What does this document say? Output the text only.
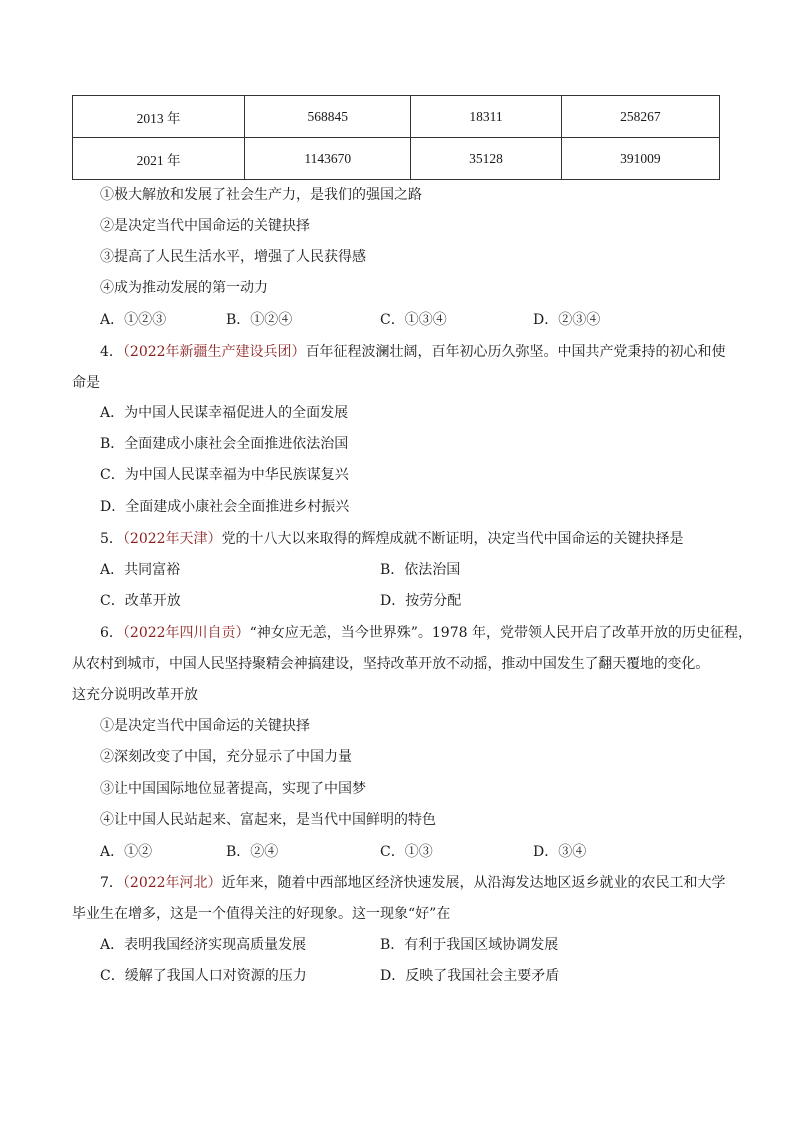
2013 年	568845	18311	258267
2021 年	1143670	35128	391009
①极大解放和发展了社会生产力，是我们的强国之路
②是决定当代中国命运的关键抉择
③提高了人民生活水平，增强了人民获得感
④成为推动发展的第一动力
A．①②③	B．①②④	C．①③④	D．②③④
4．（2022年新疆生产建设兵团）百年征程波澜壮阔，百年初心历久弥坚。中国共产党秉持的初心和使
命是
A．为中国人民谋幸福促进人的全面发展
B．全面建成小康社会全面推进依法治国
C．为中国人民谋幸福为中华民族谋复兴
D．全面建成小康社会全面推进乡村振兴
5．（2022年天津）党的十八大以来取得的辉煌成就不断证明，决定当代中国命运的关键抉择是
A．共同富裕	B．依法治国
C．改革开放	D．按劳分配
6．（2022年四川自贡）“神女应无恙，当今世界殊”。1978 年，党带领人民开启了改革开放的历史征程，
从农村到城市，中国人民坚持聚精会神搞建设，坚持改革开放不动摇，推动中国发生了翻天覆地的变化。
这充分说明改革开放
①是决定当代中国命运的关键抉择
②深刻改变了中国，充分显示了中国力量
③让中国国际地位显著提高，实现了中国梦
④让中国人民站起来、富起来，是当代中国鲜明的特色
A．①②	B．②④	C．①③	D．③④
7．（2022年河北）近年来，随着中西部地区经济快速发展，从沿海发达地区返乡就业的农民工和大学
毕业生在增多，这是一个值得关注的好现象。这一现象“好”在
A．表明我国经济实现高质量发展	B．有利于我国区域协调发展
C．缓解了我国人口对资源的压力	D．反映了我国社会主要矛盾
